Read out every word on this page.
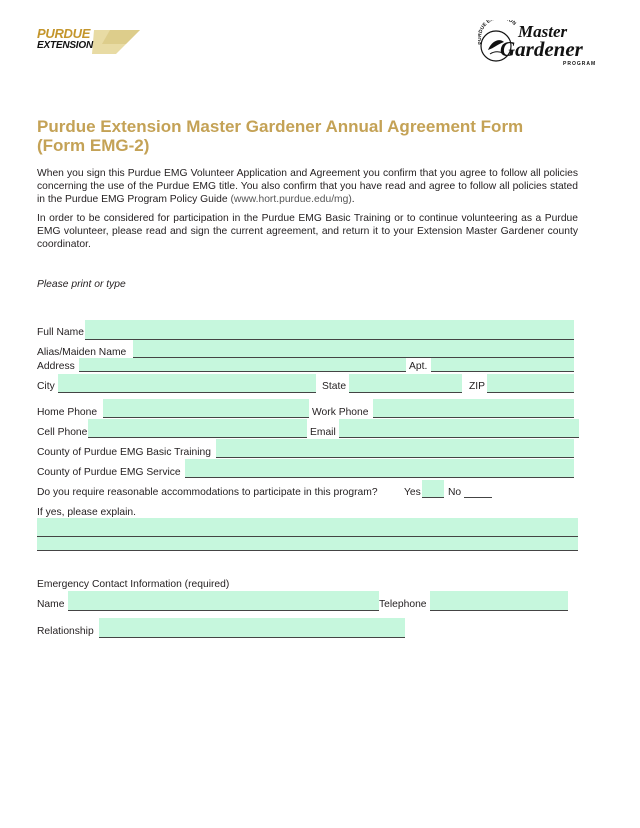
PURDUE
EXTENSION
DUE E ON Master
Gardener
PROGRAM
Purdue Extension Master Gardener Annual Agreement Form
(Form EMG-2)
When you sign this Purdue EMG Volunteer Application and Agreement you confirm that you agree to follow all policies concerning the use of the Purdue EMG title. You also confirm that you have read and agree to follow all policies stated in the Purdue EMG Program Policy Guide (www.hort.purdue.edu/mg).
In order to be considered for participation in the Purdue EMG Basic Training or to continue volunteering as a Purdue EMG volunteer, please read and sign the current agreement, and return it to your Extension Master Gardener county coordinator.
Please print or type
Full Name
Alias/Maiden Name
Address	Apt.
City	State	ZIP
Home Phone	Work Phone
Cell Phone	Email
County of Purdue EMG Basic Training
County of Purdue EMG Service
Do you require reasonable accommodations to participate in this program?	Yes	No
If yes, please explain.
Emergency Contact Information (required)
Name	Telephone
Relationship
